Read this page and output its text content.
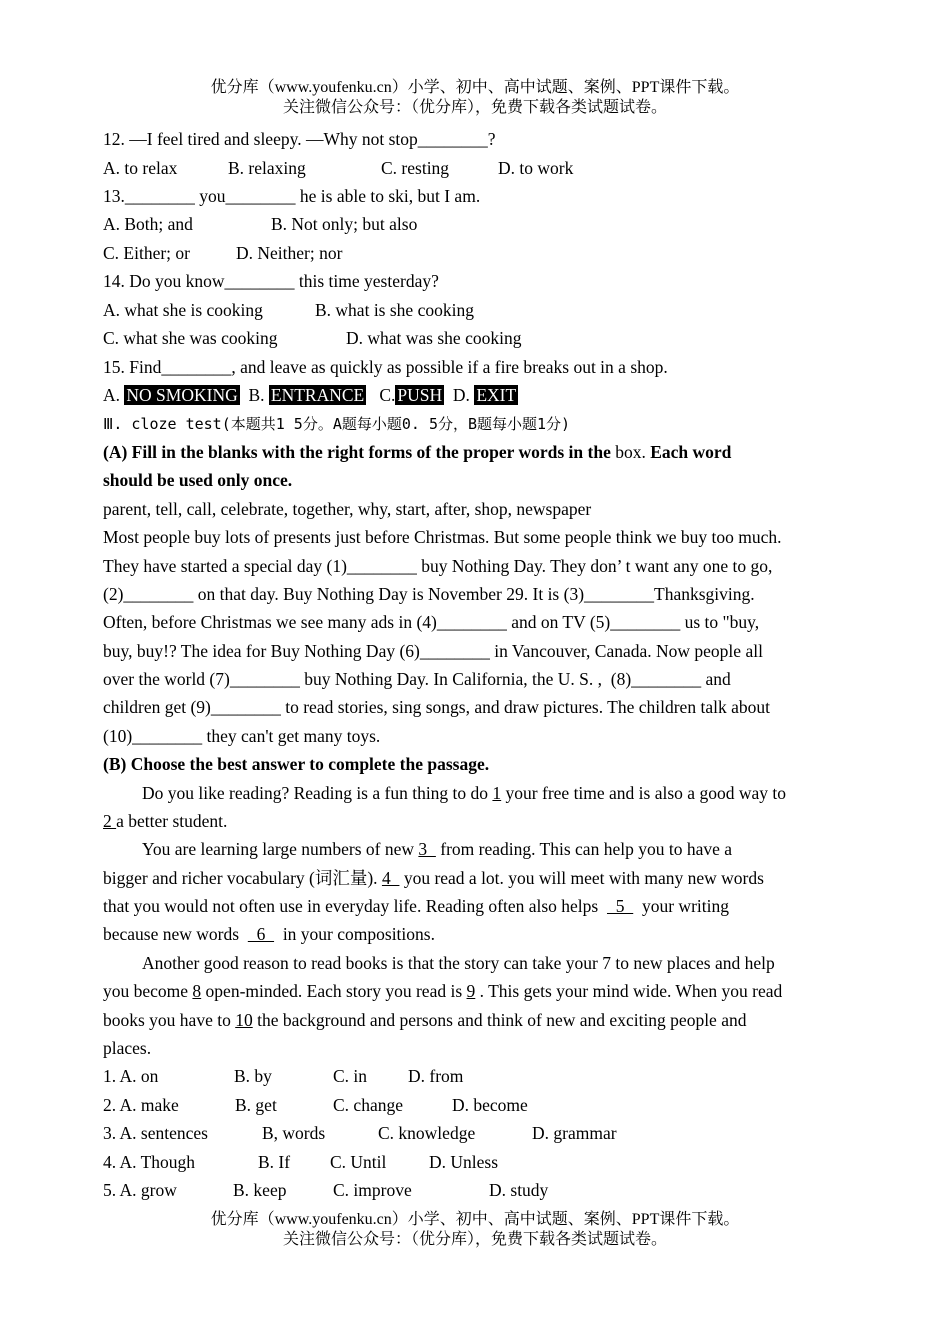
优分库（www.youfenku.cn）小学、初中、高中试题、案例、PPT课件下载。
关注微信公众号：（优分库），免费下载各类试题试卷。
12. —I feel tired and sleepy. —Why not stop________?
A. to relax	B. relaxing	C. resting	D. to work
13.________ you________ he is able to ski, but I am.
A. Both; and	B. Not only; but also
C. Either; or	D. Neither; nor
14. Do you know________ this time yesterday?
A. what she is cooking	B. what is she cooking
C. what she was cooking	D. what was she cooking
15. Find________, and leave as quickly as possible if a fire breaks out in a shop.
A. NO SMOKING B. ENTRANCE C. PUSH D. EXIT
Ⅲ. cloze test(本题共1 5分。A题每小题0. 5分，B题每小题1分)
(A) Fill in the blanks with the right forms of the proper words in the box. Each word
should be used only once.
parent, tell, call, celebrate, together, why, start, after, shop, newspaper
Most people buy lots of presents just before Christmas. But some people think we buy too much.
They have started a special day (1)________ buy Nothing Day. They don’ t want any one to go,
(2)________ on that day. Buy Nothing Day is November 29. It is (3)________Thanksgiving.
Often, before Christmas we see many ads in (4)________ and on TV (5)________ us to "buy,
buy, buy!? The idea for Buy Nothing Day (6)________ in Vancouver, Canada. Now people all
over the world (7)________ buy Nothing Day. In California, the U. S. ,  (8)________ and
children get (9)________ to read stories, sing songs, and draw pictures. The children talk about
(10)________ they can't get many toys.
(B) Choose the best answer to complete the passage.
Do you like reading? Reading is a fun thing to do 1 your free time and is also a good way to
2 a better student.
You are learning large numbers of new 3   from reading. This can help you to have a
bigger and richer vocabulary (词汇量). 4   you read a lot. you will meet with many new words
that you would not often use in everyday life. Reading often also helps    5    your writing
because new words    6    in your compositions.
Another good reason to read books is that the story can take your 7 to new places and help
you become 8 open-minded. Each story you read is 9 . This gets your mind wide. When you read
books you have to 10 the background and persons and think of new and exciting people and
places.
1. A. on	B. by	C. in D. from
2. A. make	B. get	C. change	D. become
3. A. sentences	B, words	C. knowledge	D. grammar
4. A. Though	B. If C. Until D. Unless
5. A. grow	B. keep	C. improve	D. study
优分库（www.youfenku.cn）小学、初中、高中试题、案例、PPT课件下载。
关注微信公众号：（优分库），免费下载各类试题试卷。
